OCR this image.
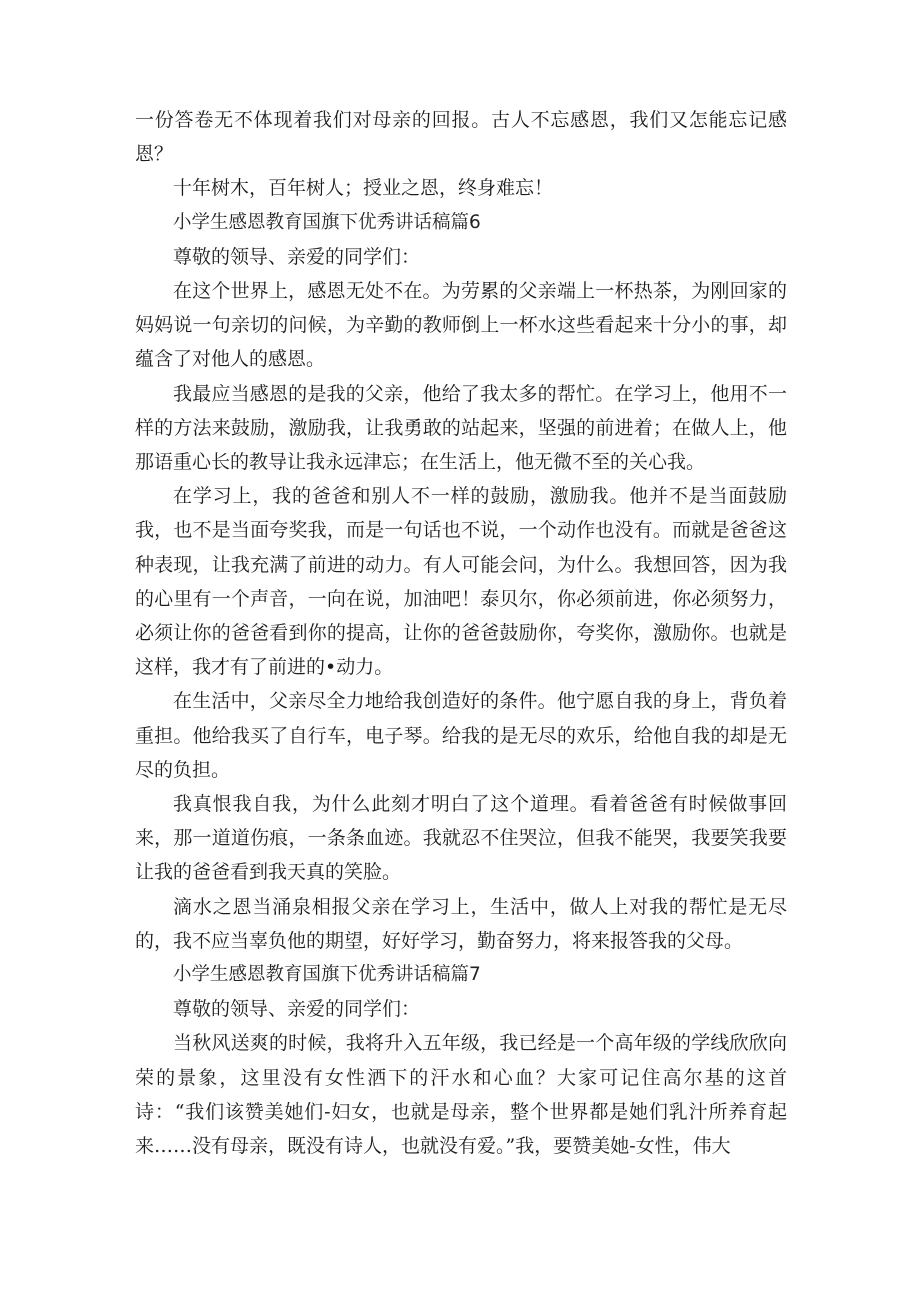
一份答卷无不体现着我们对母亲的回报。古人不忘感恩，我们又怎能忘记感恩？

十年树木，百年树人；授业之恩，终身难忘！

小学生感恩教育国旗下优秀讲话稿篇6

尊敬的领导、亲爱的同学们：

在这个世界上，感恩无处不在。为劳累的父亲端上一杯热茶，为刚回家的妈妈说一句亲切的问候，为辛勤的教师倒上一杯水这些看起来十分小的事，却蕴含了对他人的感恩。

我最应当感恩的是我的父亲，他给了我太多的帮忙。在学习上，他用不一样的方法来鼓励，激励我，让我勇敢的站起来，坚强的前进着；在做人上，他那语重心长的教导让我永远津忘；在生活上，他无微不至的关心我。

在学习上，我的爸爸和别人不一样的鼓励，激励我。他并不是当面鼓励我，也不是当面夸奖我，而是一句话也不说，一个动作也没有。而就是爸爸这种表现，让我充满了前进的动力。有人可能会问，为什么。我想回答，因为我的心里有一个声音，一向在说，加油吧！泰贝尔，你必须前进，你必须努力，必须让你的爸爸看到你的提高，让你的爸爸鼓励你，夸奖你，激励你。也就是这样，我才有了前进的•动力。

在生活中，父亲尽全力地给我创造好的条件。他宁愿自我的身上，背负着重担。他给我买了自行车，电子琴。给我的是无尽的欢乐，给他自我的却是无尽的负担。

我真恨我自我，为什么此刻才明白了这个道理。看着爸爸有时候做事回来，那一道道伤痕，一条条血迹。我就忍不住哭泣，但我不能哭，我要笑我要让我的爸爸看到我天真的笑脸。

滴水之恩当涌泉相报父亲在学习上，生活中，做人上对我的帮忙是无尽的，我不应当辜负他的期望，好好学习，勤奋努力，将来报答我的父母。

小学生感恩教育国旗下优秀讲话稿篇7

尊敬的领导、亲爱的同学们：

当秋风送爽的时候，我将升入五年级，我已经是一个高年级的学线欣欣向荣的景象，这里没有女性洒下的汗水和心血？大家可记住高尔基的这首诗：“我们该赞美她们-妇女，也就是母亲，整个世界都是她们乳汁所养育起来……没有母亲，既没有诗人，也就没有爱。”我，要赞美她-女性，伟大
